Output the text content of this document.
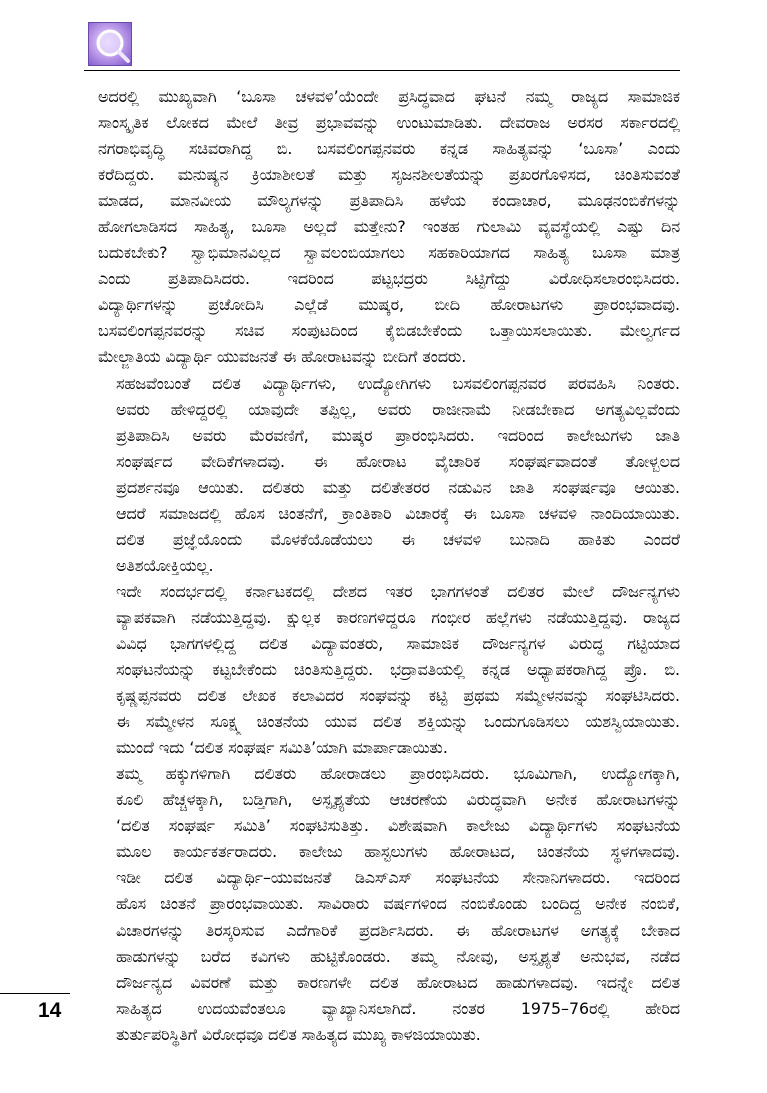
ಅದರಲ್ಲಿ ಮುಖ್ಯವಾಗಿ ‘ಬೂಸಾ ಚಳವಳಿ’ಯೆಂದೇ ಪ್ರಸಿದ್ಧವಾದ ಘಟನೆ ನಮ್ಮ ರಾಜ್ಯದ ಸಾಮಾಜಿಕ
ಸಾಂಸ್ಕೃತಿಕ ಲೋಕದ ಮೇಲೆ ತೀವ್ರ ಪ್ರಭಾವವನ್ನು ಉಂಟುಮಾಡಿತು. ದೇವರಾಜ ಅರಸರ ಸರ್ಕಾರದಲ್ಲಿ
ನಗರಾಭಿವೃದ್ಧಿ ಸಚಿವರಾಗಿದ್ದ ಬಿ. ಬಸವಲಿಂಗಪ್ಪನವರು ಕನ್ನಡ ಸಾಹಿತ್ಯವನ್ನು ‘ಬೂಸಾ’ ಎಂದು
ಕರೆದಿದ್ದರು. ಮನುಷ್ಯನ ಕ್ರಿಯಾಶೀಲತೆ ಮತ್ತು ಸೃಜನಶೀಲತೆಯನ್ನು ಪ್ರಖರಗೊಳಿಸದ, ಚಿಂತಿಸುವಂತೆ
ಮಾಡದ, ಮಾನವೀಯ ಮೌಲ್ಯಗಳನ್ನು ಪ್ರತಿಪಾದಿಸಿ ಹಳೆಯ ಕಂದಾಚಾರ, ಮೂಢನಂಬಿಕೆಗಳನ್ನು
ಹೋಗಲಾಡಿಸದ ಸಾಹಿತ್ಯ, ಬೂಸಾ ಅಲ್ಲದೆ ಮತ್ತೇನು? ಇಂತಹ ಗುಲಾಮಿ ವ್ಯವಸ್ಥೆಯಲ್ಲಿ ಎಷ್ಟು ದಿನ
ಬದುಕಬೇಕು? ಸ್ವಾಭಿಮಾನವಿಲ್ಲದ ಸ್ವಾವಲಂಬಿಯಾಗಲು ಸಹಕಾರಿಯಾಗದ ಸಾಹಿತ್ಯ ಬೂಸಾ ಮಾತ್ರ
ಎಂದು ಪ್ರತಿಪಾದಿಸಿದರು. ಇದರಿಂದ ಪಟ್ಟಭದ್ರರು ಸಿಟ್ಟಿಗೆದ್ದು ವಿರೋಧಿಸಲಾರಂಭಿಸಿದರು.
ವಿದ್ಯಾರ್ಥಿಗಳನ್ನು ಪ್ರಚೋದಿಸಿ ಎಲ್ಲೆಡೆ ಮುಷ್ಕರ, ಬೀದಿ ಹೋರಾಟಗಳು ಪ್ರಾರಂಭವಾದವು.
ಬಸವಲಿಂಗಪ್ಪನವರನ್ನು ಸಚಿವ ಸಂಪುಟದಿಂದ ಕೈಬಿಡಬೇಕೆಂದು ಒತ್ತಾಯಿಸಲಾಯಿತು. ಮೇಲ್ವರ್ಗದ
ಮೇಲ್ಜಾತಿಯ ವಿದ್ಯಾರ್ಥಿ ಯುವಜನತೆ ಈ ಹೋರಾಟವನ್ನು ಬೀದಿಗೆ ತಂದರು.

ಸಹಜವೆಂಬಂತೆ ದಲಿತ ವಿದ್ಯಾರ್ಥಿಗಳು, ಉದ್ಯೋಗಿಗಳು ಬಸವಲಿಂಗಪ್ಪನವರ ಪರವಹಿಸಿ ನಿಂತರು.
ಅವರು ಹೇಳಿದ್ದರಲ್ಲಿ ಯಾವುದೇ ತಪ್ಪಿಲ್ಲ, ಅವರು ರಾಜೀನಾಮೆ ನೀಡಬೇಕಾದ ಅಗತ್ಯವಿಲ್ಲವೆಂದು
ಪ್ರತಿಪಾದಿಸಿ ಅವರು ಮೆರವಣಿಗೆ, ಮುಷ್ಕರ ಪ್ರಾರಂಭಿಸಿದರು. ಇದರಿಂದ ಕಾಲೇಜುಗಳು ಜಾತಿ
ಸಂಘರ್ಷದ ವೇದಿಕೆಗಳಾದವು. ಈ ಹೋರಾಟ ವೈಚಾರಿಕ ಸಂಘರ್ಷವಾದಂತೆ ತೋಳ್ಬಲದ
ಪ್ರದರ್ಶನವೂ ಆಯಿತು. ದಲಿತರು ಮತ್ತು ದಲಿತೇತರರ ನಡುವಿನ ಜಾತಿ ಸಂಘರ್ಷವೂ ಆಯಿತು.
ಆದರೆ ಸಮಾಜದಲ್ಲಿ ಹೊಸ ಚಿಂತನೆಗೆ, ಕ್ರಾಂತಿಕಾರಿ ವಿಚಾರಕ್ಕೆ ಈ ಬೂಸಾ ಚಳವಳಿ ನಾಂದಿಯಾಯಿತು.
ದಲಿತ ಪ್ರಜ್ಞೆಯೊಂದು ಮೊಳಕೆಯೊಡೆಯಲು ಈ ಚಳವಳಿ ಬುನಾದಿ ಹಾಕಿತು ಎಂದರೆ
ಅತಿಶಯೋಕ್ತಿಯಲ್ಲ.

ಇದೇ ಸಂದರ್ಭದಲ್ಲಿ ಕರ್ನಾಟಕದಲ್ಲಿ ದೇಶದ ಇತರ ಭಾಗಗಳಂತೆ ದಲಿತರ ಮೇಲೆ ದೌರ್ಜನ್ಯಗಳು
ವ್ಯಾಪಕವಾಗಿ ನಡೆಯುತ್ತಿದ್ದವು. ಕ್ಷುಲ್ಲಕ ಕಾರಣಗಳಿದ್ದರೂ ಗಂಭೀರ ಹಲ್ಲೆಗಳು ನಡೆಯುತ್ತಿದ್ದವು. ರಾಜ್ಯದ
ವಿವಿಧ ಭಾಗಗಳಲ್ಲಿದ್ದ ದಲಿತ ವಿದ್ಯಾವಂತರು, ಸಾಮಾಜಿಕ ದೌರ್ಜನ್ಯಗಳ ವಿರುದ್ಧ ಗಟ್ಟಿಯಾದ
ಸಂಘಟನೆಯನ್ನು ಕಟ್ಟಬೇಕೆಂದು ಚಿಂತಿಸುತ್ತಿದ್ದರು. ಭದ್ರಾವತಿಯಲ್ಲಿ ಕನ್ನಡ ಅಧ್ಯಾಪಕರಾಗಿದ್ದ ಪ್ರೊ. ಬಿ.
ಕೃಷ್ಣಪ್ಪನವರು ದಲಿತ ಲೇಖಕ ಕಲಾವಿದರ ಸಂಘವನ್ನು ಕಟ್ಟಿ ಪ್ರಥಮ ಸಮ್ಮೇಳನವನ್ನು ಸಂಘಟಿಸಿದರು.
ಈ ಸಮ್ಮೇಳನ ಸೂಕ್ಷ್ಮ ಚಿಂತನೆಯ ಯುವ ದಲಿತ ಶಕ್ತಿಯನ್ನು ಒಂದುಗೂಡಿಸಲು ಯಶಸ್ವಿಯಾಯಿತು.
ಮುಂದೆ ಇದು ‘ದಲಿತ ಸಂಘರ್ಷ ಸಮಿತಿ’ಯಾಗಿ ಮಾರ್ಪಾಡಾಯಿತು.

ತಮ್ಮ ಹಕ್ಕುಗಳಿಗಾಗಿ ದಲಿತರು ಹೋರಾಡಲು ಪ್ರಾರಂಭಿಸಿದರು. ಭೂಮಿಗಾಗಿ, ಉದ್ಯೋಗಕ್ಕಾಗಿ,
ಕೂಲಿ ಹೆಚ್ಚಳಕ್ಕಾಗಿ, ಬಡ್ತಿಗಾಗಿ, ಅಸ್ಪೃಶ್ಯತೆಯ ಆಚರಣೆಯ ವಿರುದ್ಧವಾಗಿ ಅನೇಕ ಹೋರಾಟಗಳನ್ನು
‘ದಲಿತ ಸಂಘರ್ಷ ಸಮಿತಿ’ ಸಂಘಟಿಸುತಿತ್ತು. ವಿಶೇಷವಾಗಿ ಕಾಲೇಜು ವಿದ್ಯಾರ್ಥಿಗಳು ಸಂಘಟನೆಯ
ಮೂಲ ಕಾರ್ಯಕರ್ತರಾದರು. ಕಾಲೇಜು ಹಾಸ್ಟಲುಗಳು ಹೋರಾಟದ, ಚಿಂತನೆಯ ಸ್ಥಳಗಳಾದವು.
ಇಡೀ ದಲಿತ ವಿದ್ಯಾರ್ಥಿ–ಯುವಜನತೆ ಡಿಎಸ್‌ಎಸ್ ಸಂಘಟನೆಯ ಸೇನಾನಿಗಳಾದರು. ಇದರಿಂದ
ಹೊಸ ಚಿಂತನೆ ಪ್ರಾರಂಭವಾಯಿತು. ಸಾವಿರಾರು ವರ್ಷಗಳಿಂದ ನಂಬಿಕೊಂಡು ಬಂದಿದ್ದ ಅನೇಕ ನಂಬಿಕೆ,
ವಿಚಾರಗಳನ್ನು ತಿರಸ್ಕರಿಸುವ ಎದೆಗಾರಿಕೆ ಪ್ರದರ್ಶಿಸಿದರು. ಈ ಹೋರಾಟಗಳ ಅಗತ್ಯಕ್ಕೆ ಬೇಕಾದ
ಹಾಡುಗಳನ್ನು ಬರೆದ ಕವಿಗಳು ಹುಟ್ಟಿಕೊಂಡರು. ತಮ್ಮ ನೋವು, ಅಸ್ಪೃಶ್ಯತೆ ಅನುಭವ, ನಡೆದ
ದೌರ್ಜನ್ಯದ ವಿವರಣೆ ಮತ್ತು ಕಾರಣಗಳೇ ದಲಿತ ಹೋರಾಟದ ಹಾಡುಗಳಾದವು. ಇದನ್ನೇ ದಲಿತ
ಸಾಹಿತ್ಯದ ಉದಯವೆಂತಲೂ ವ್ಯಾಖ್ಯಾನಿಸಲಾಗಿದೆ. ನಂತರ 1975–76ರಲ್ಲಿ ಹೇರಿದ
ತುರ್ತುಪರಿಸ್ಥಿತಿಗೆ ವಿರೋಧವೂ ದಲಿತ ಸಾಹಿತ್ಯದ ಮುಖ್ಯ ಕಾಳಜಿಯಾಯಿತು.

14
